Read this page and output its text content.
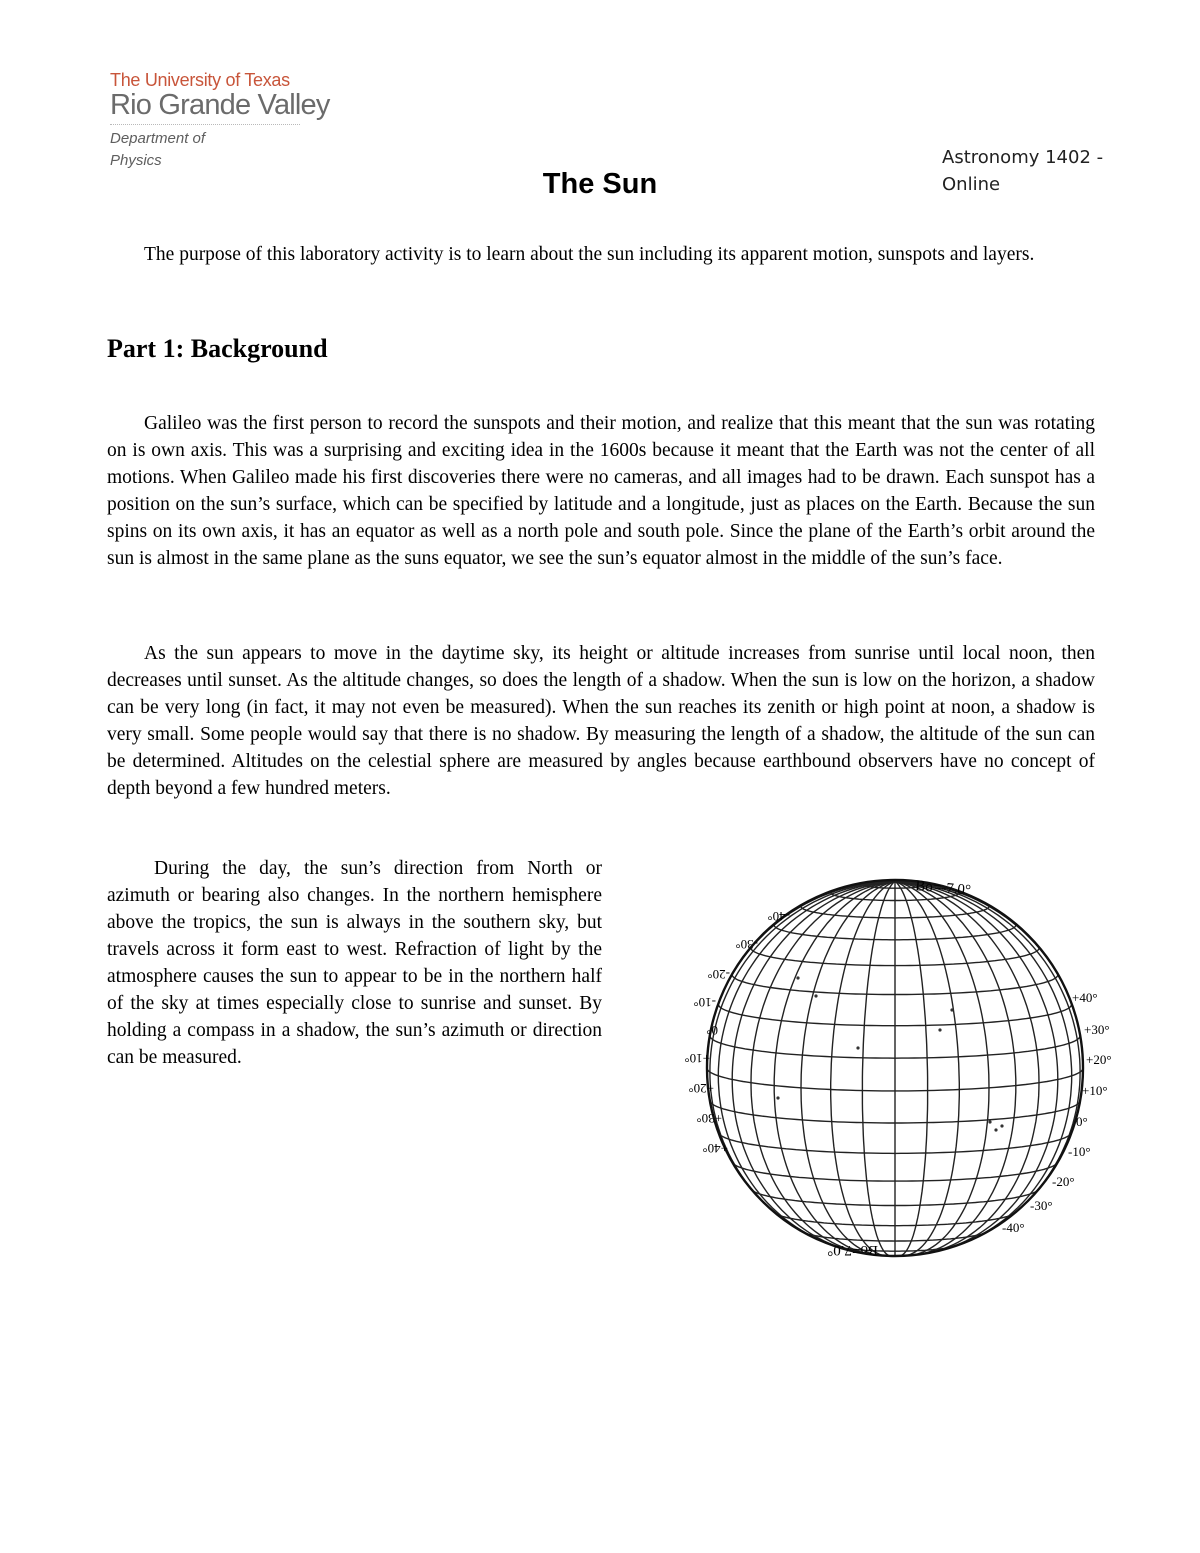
The University of Texas
Rio Grande Valley
Department of
Physics	Astronomy 1402 -
Online
The Sun

The purpose of this laboratory activity is to learn about the sun including its apparent motion, sunspots and layers.

Part 1: Background

Galileo was the first person to record the sunspots and their motion, and realize that this meant that the sun was rotating on is own axis. This was a surprising and exciting idea in the 1600s because it meant that the Earth was not the center of all motions. When Galileo made his first discoveries there were no cameras, and all images had to be drawn. Each sunspot has a position on the sun’s surface, which can be specified by latitude and a longitude, just as places on the Earth. Because the sun spins on its own axis, it has an equator as well as a north pole and south pole. Since the plane of the Earth’s orbit around the sun is almost in the same plane as the suns equator, we see the sun’s equator almost in the middle of the sun’s face.

As the sun appears to move in the daytime sky, its height or altitude increases from sunrise until local noon, then decreases until sunset. As the altitude changes, so does the length of a shadow. When the sun is low on the horizon, a shadow can be very long (in fact, it may not even be measured). When the sun reaches its zenith or high point at noon, a shadow is very small. Some people would say that there is no shadow. By measuring the length of a shadow, the altitude of the sun can be determined. Altitudes on the celestial sphere are measured by angles because earthbound observers have no concept of depth beyond a few hundred meters.

During the day, the sun’s direction from North or azimuth or bearing also changes. In the northern hemisphere above the tropics, the sun is always in the southern sky, but travels across it form east to west. Refraction of light by the atmosphere causes the sun to appear to be in the northern half of the sky at times especially close to sunrise and sunset. By holding a compass in a shadow, the sun’s azimuth or direction can be measured.

Bo=-7.0°
Bo=7.0°
+40°
+30°
+20°
+10°
0°
-10°
-20°
-30°
-40°
-40°
-30°
-20°
-10°
0°
+10°
+20°
+30°
+40°
